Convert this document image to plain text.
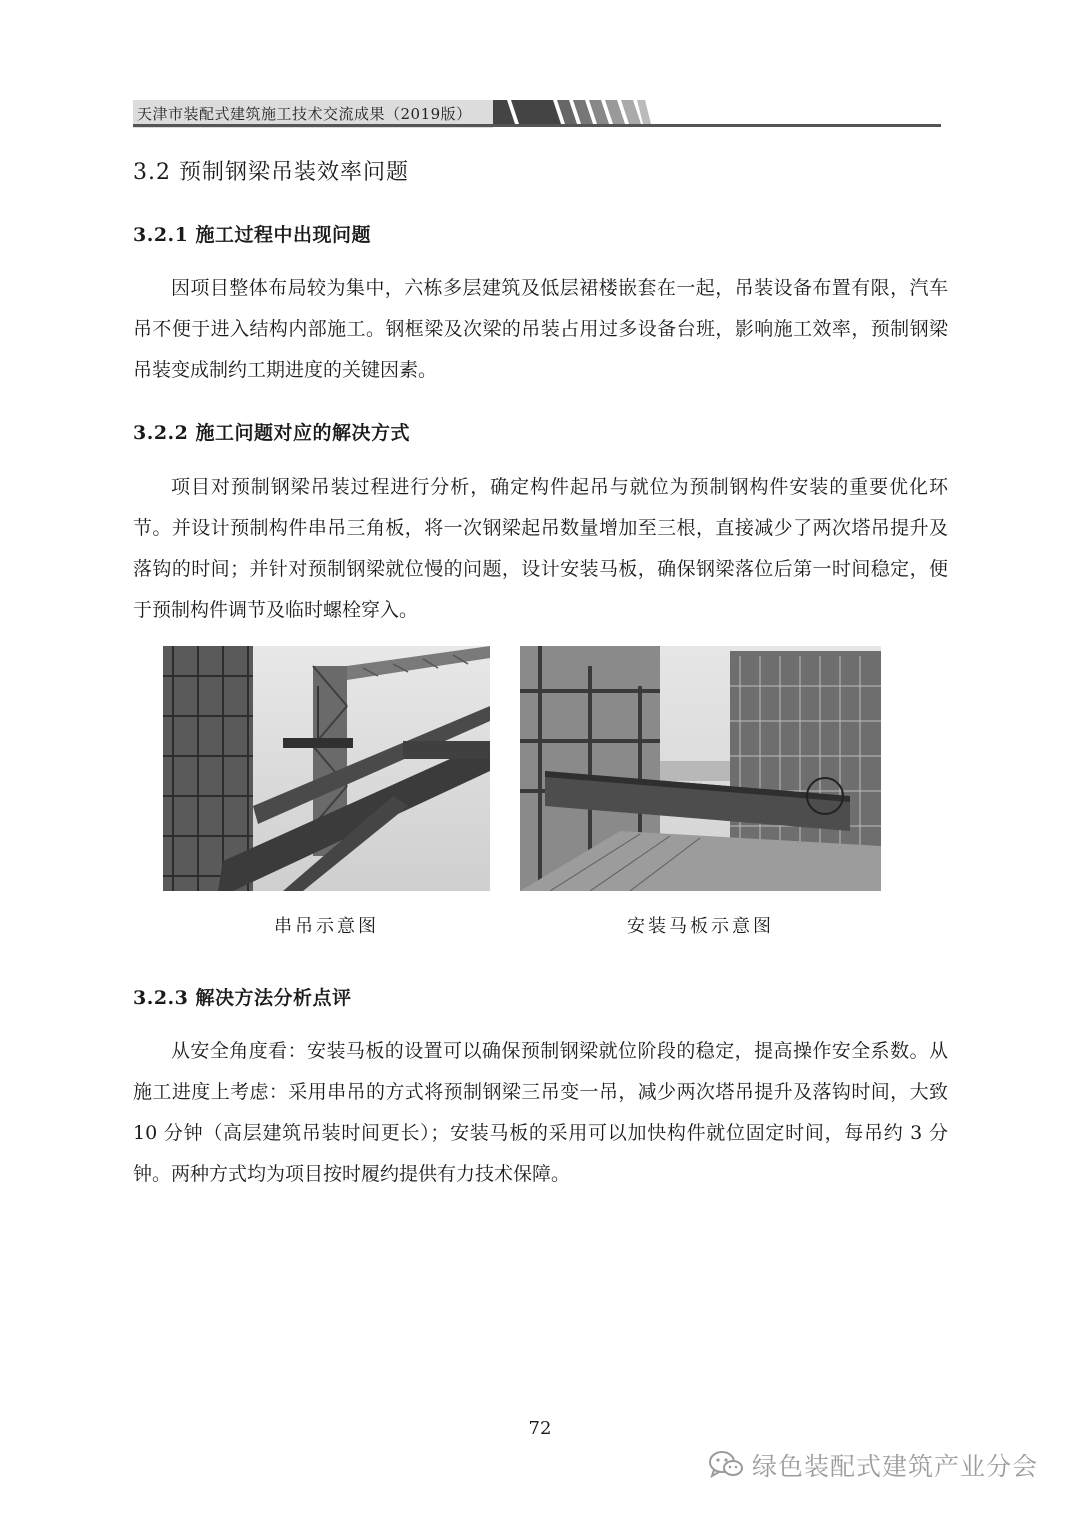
天津市装配式建筑施工技术交流成果（2019版）
3.2 预制钢梁吊装效率问题
3.2.1 施工过程中出现问题

因项目整体布局较为集中，六栋多层建筑及低层裙楼嵌套在一起，吊装设备布置有限，汽车吊不便于进入结构内部施工。钢框梁及次梁的吊装占用过多设备台班，影响施工效率，预制钢梁吊装变成制约工期进度的关键因素。

3.2.2 施工问题对应的解决方式

项目对预制钢梁吊装过程进行分析，确定构件起吊与就位为预制钢构件安装的重要优化环节。并设计预制构件串吊三角板，将一次钢梁起吊数量增加至三根，直接减少了两次塔吊提升及落钩的时间；并针对预制钢梁就位慢的问题，设计安装马板，确保钢梁落位后第一时间稳定，便于预制构件调节及临时螺栓穿入。

3.2.3 解决方法分析点评

从安全角度看：安装马板的设置可以确保预制钢梁就位阶段的稳定，提高操作安全系数。从施工进度上考虑：采用串吊的方式将预制钢梁三吊变一吊，减少两次塔吊提升及落钩时间，大致 10 分钟（高层建筑吊装时间更长）；安装马板的采用可以加快构件就位固定时间，每吊约 3 分钟。两种方式均为项目按时履约提供有力技术保障。

串吊示意图	安装马板示意图
72
绿色装配式建筑产业分会
